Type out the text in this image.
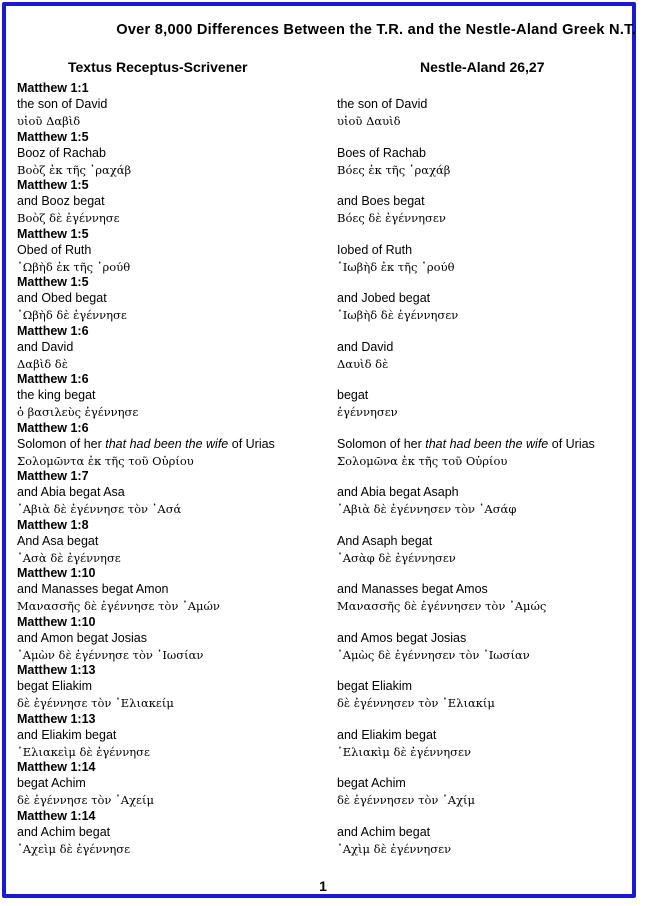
Over 8,000 Differences Between the T.R. and the Nestle-Aland Greek N.T.
Textus Receptus-Scrivener	Nestle-Aland 26,27
Matthew 1:1
the son of David	the son of David
υἱοῦ Δαβὶδ	υἱοῦ Δαυὶδ
Matthew 1:5
Booz of Rachab	Boes of Rachab
Βοὸζ ἐκ τῆς ῾ραχάβ	Βόες ἐκ τῆς ῾ραχάβ
Matthew 1:5
and Booz begat	and Boes begat
Βοὸζ δὲ ἐγέννησε	Βόες δὲ ἐγέννησεν
Matthew 1:5
Obed of Ruth	Iobed of Ruth
᾿Ωβὴδ ἐκ τῆς ῾ρούθ	᾿Ιωβὴδ ἐκ τῆς ῾ρούθ
Matthew 1:5
and Obed begat	and Jobed begat
᾿Ωβὴδ δὲ ἐγέννησε	᾿Ιωβὴδ δὲ ἐγέννησεν
Matthew 1:6
and David	and David
Δαβὶδ δὲ	Δαυὶδ δὲ
Matthew 1:6
the king begat	begat
ὁ βασιλεὺς ἐγέννησε	ἐγέννησεν
Matthew 1:6
Solomon of her that had been the wife of Urias	Solomon of her that had been the wife of Urias
Σολομῶντα ἐκ τῆς τοῦ Οὐρίου	Σολομῶνα ἐκ τῆς τοῦ Οὐρίου
Matthew 1:7
and Abia begat Asa	and Abia begat Asaph
᾿Αβιὰ δὲ ἐγέννησε τὸν ᾿Ασά	᾿Αβιὰ δὲ ἐγέννησεν τὸν ᾿Ασάφ
Matthew 1:8
And Asa begat	And Asaph begat
᾿Ασὰ δὲ ἐγέννησε	᾿Ασὰφ δὲ ἐγέννησεν
Matthew 1:10
and Manasses begat Amon	and Manasses begat Amos
Μανασσῆς δὲ ἐγέννησε τὸν ᾿Αμών	Μανασσῆς δὲ ἐγέννησεν τὸν ᾿Αμώς
Matthew 1:10
and Amon begat Josias	and Amos begat Josias
᾿Αμὼν δὲ ἐγέννησε τὸν ᾿Ιωσίαν	᾿Αμὼς δὲ ἐγέννησεν τὸν ᾿Ιωσίαν
Matthew 1:13
begat Eliakim	begat Eliakim
δὲ ἐγέννησε τὸν ᾿Ελιακείμ	δὲ ἐγέννησεν τὸν ᾿Ελιακίμ
Matthew 1:13
and Eliakim begat	and Eliakim begat
᾿Ελιακεὶμ δὲ ἐγέννησε	᾿Ελιακὶμ δὲ ἐγέννησεν
Matthew 1:14
begat Achim	begat Achim
δὲ ἐγέννησε τὸν ᾿Αχείμ	δὲ ἐγέννησεν τὸν ᾿Αχίμ
Matthew 1:14
and Achim begat	and Achim begat
᾿Αχεὶμ δὲ ἐγέννησε	᾿Αχὶμ δὲ ἐγέννησεν
1
